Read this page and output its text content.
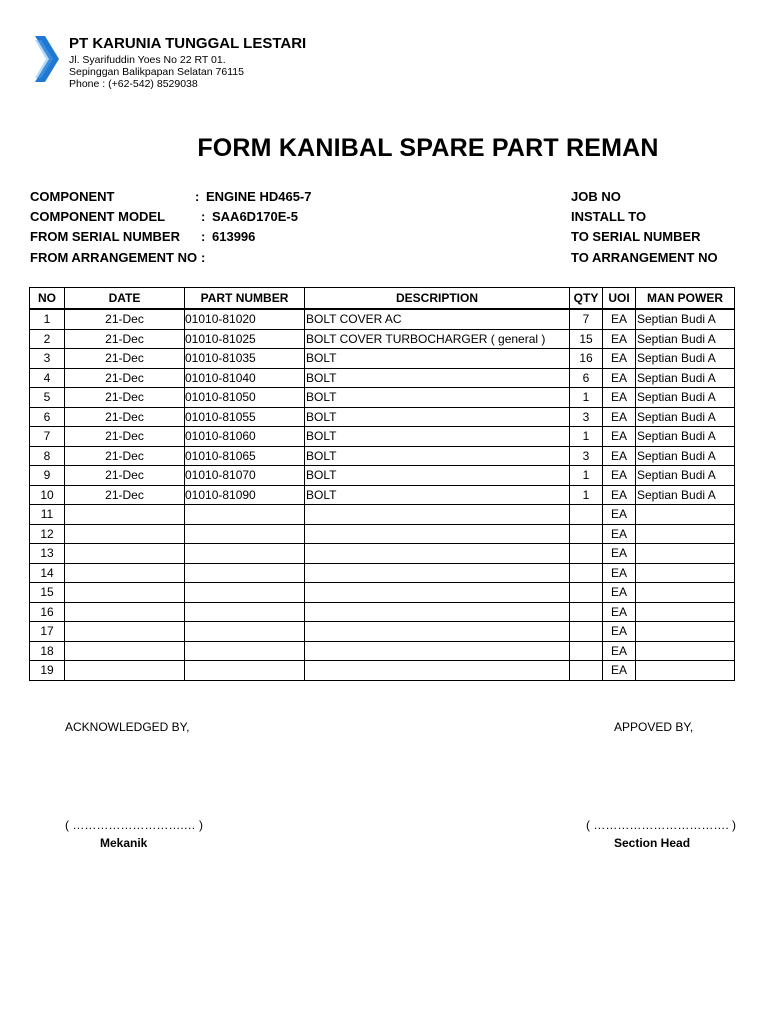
PT KARUNIA TUNGGAL LESTARI
Jl. Syarifuddin Yoes No 22 RT 01.
Sepinggan Balikpapan Selatan 76115
Phone : (+62-542) 8529038
FORM KANIBAL SPARE PART REMAN
COMPONENT	: ENGINE HD465-7
COMPONENT MODEL	: SAA6D170E-5
FROM SERIAL NUMBER : 613996
FROM ARRANGEMENT NO :
JOB NO
INSTALL TO
TO SERIAL NUMBER
TO ARRANGEMENT NO
NO	DATE	PART NUMBER	DESCRIPTION	QTY	UOI	MAN POWER
1	21-Dec	01010-81020	BOLT COVER AC	7	EA	Septian Budi A
2	21-Dec	01010-81025	BOLT COVER TURBOCHARGER ( general )	15	EA	Septian Budi A
3	21-Dec	01010-81035	BOLT	16	EA	Septian Budi A
4	21-Dec	01010-81040	BOLT	6	EA	Septian Budi A
5	21-Dec	01010-81050	BOLT	1	EA	Septian Budi A
6	21-Dec	01010-81055	BOLT	3	EA	Septian Budi A
7	21-Dec	01010-81060	BOLT	1	EA	Septian Budi A
8	21-Dec	01010-81065	BOLT	3	EA	Septian Budi A
9	21-Dec	01010-81070	BOLT	1	EA	Septian Budi A
10	21-Dec	01010-81090	BOLT	1	EA	Septian Budi A
11					EA	
12					EA	
13					EA	
14					EA	
15					EA	
16					EA	
17					EA	
18					EA	
19					EA	
ACKNOWLEDGED BY,	APPOVED BY,
( ……………………….… )	( ……………………………. )
Mekanik	Section Head
